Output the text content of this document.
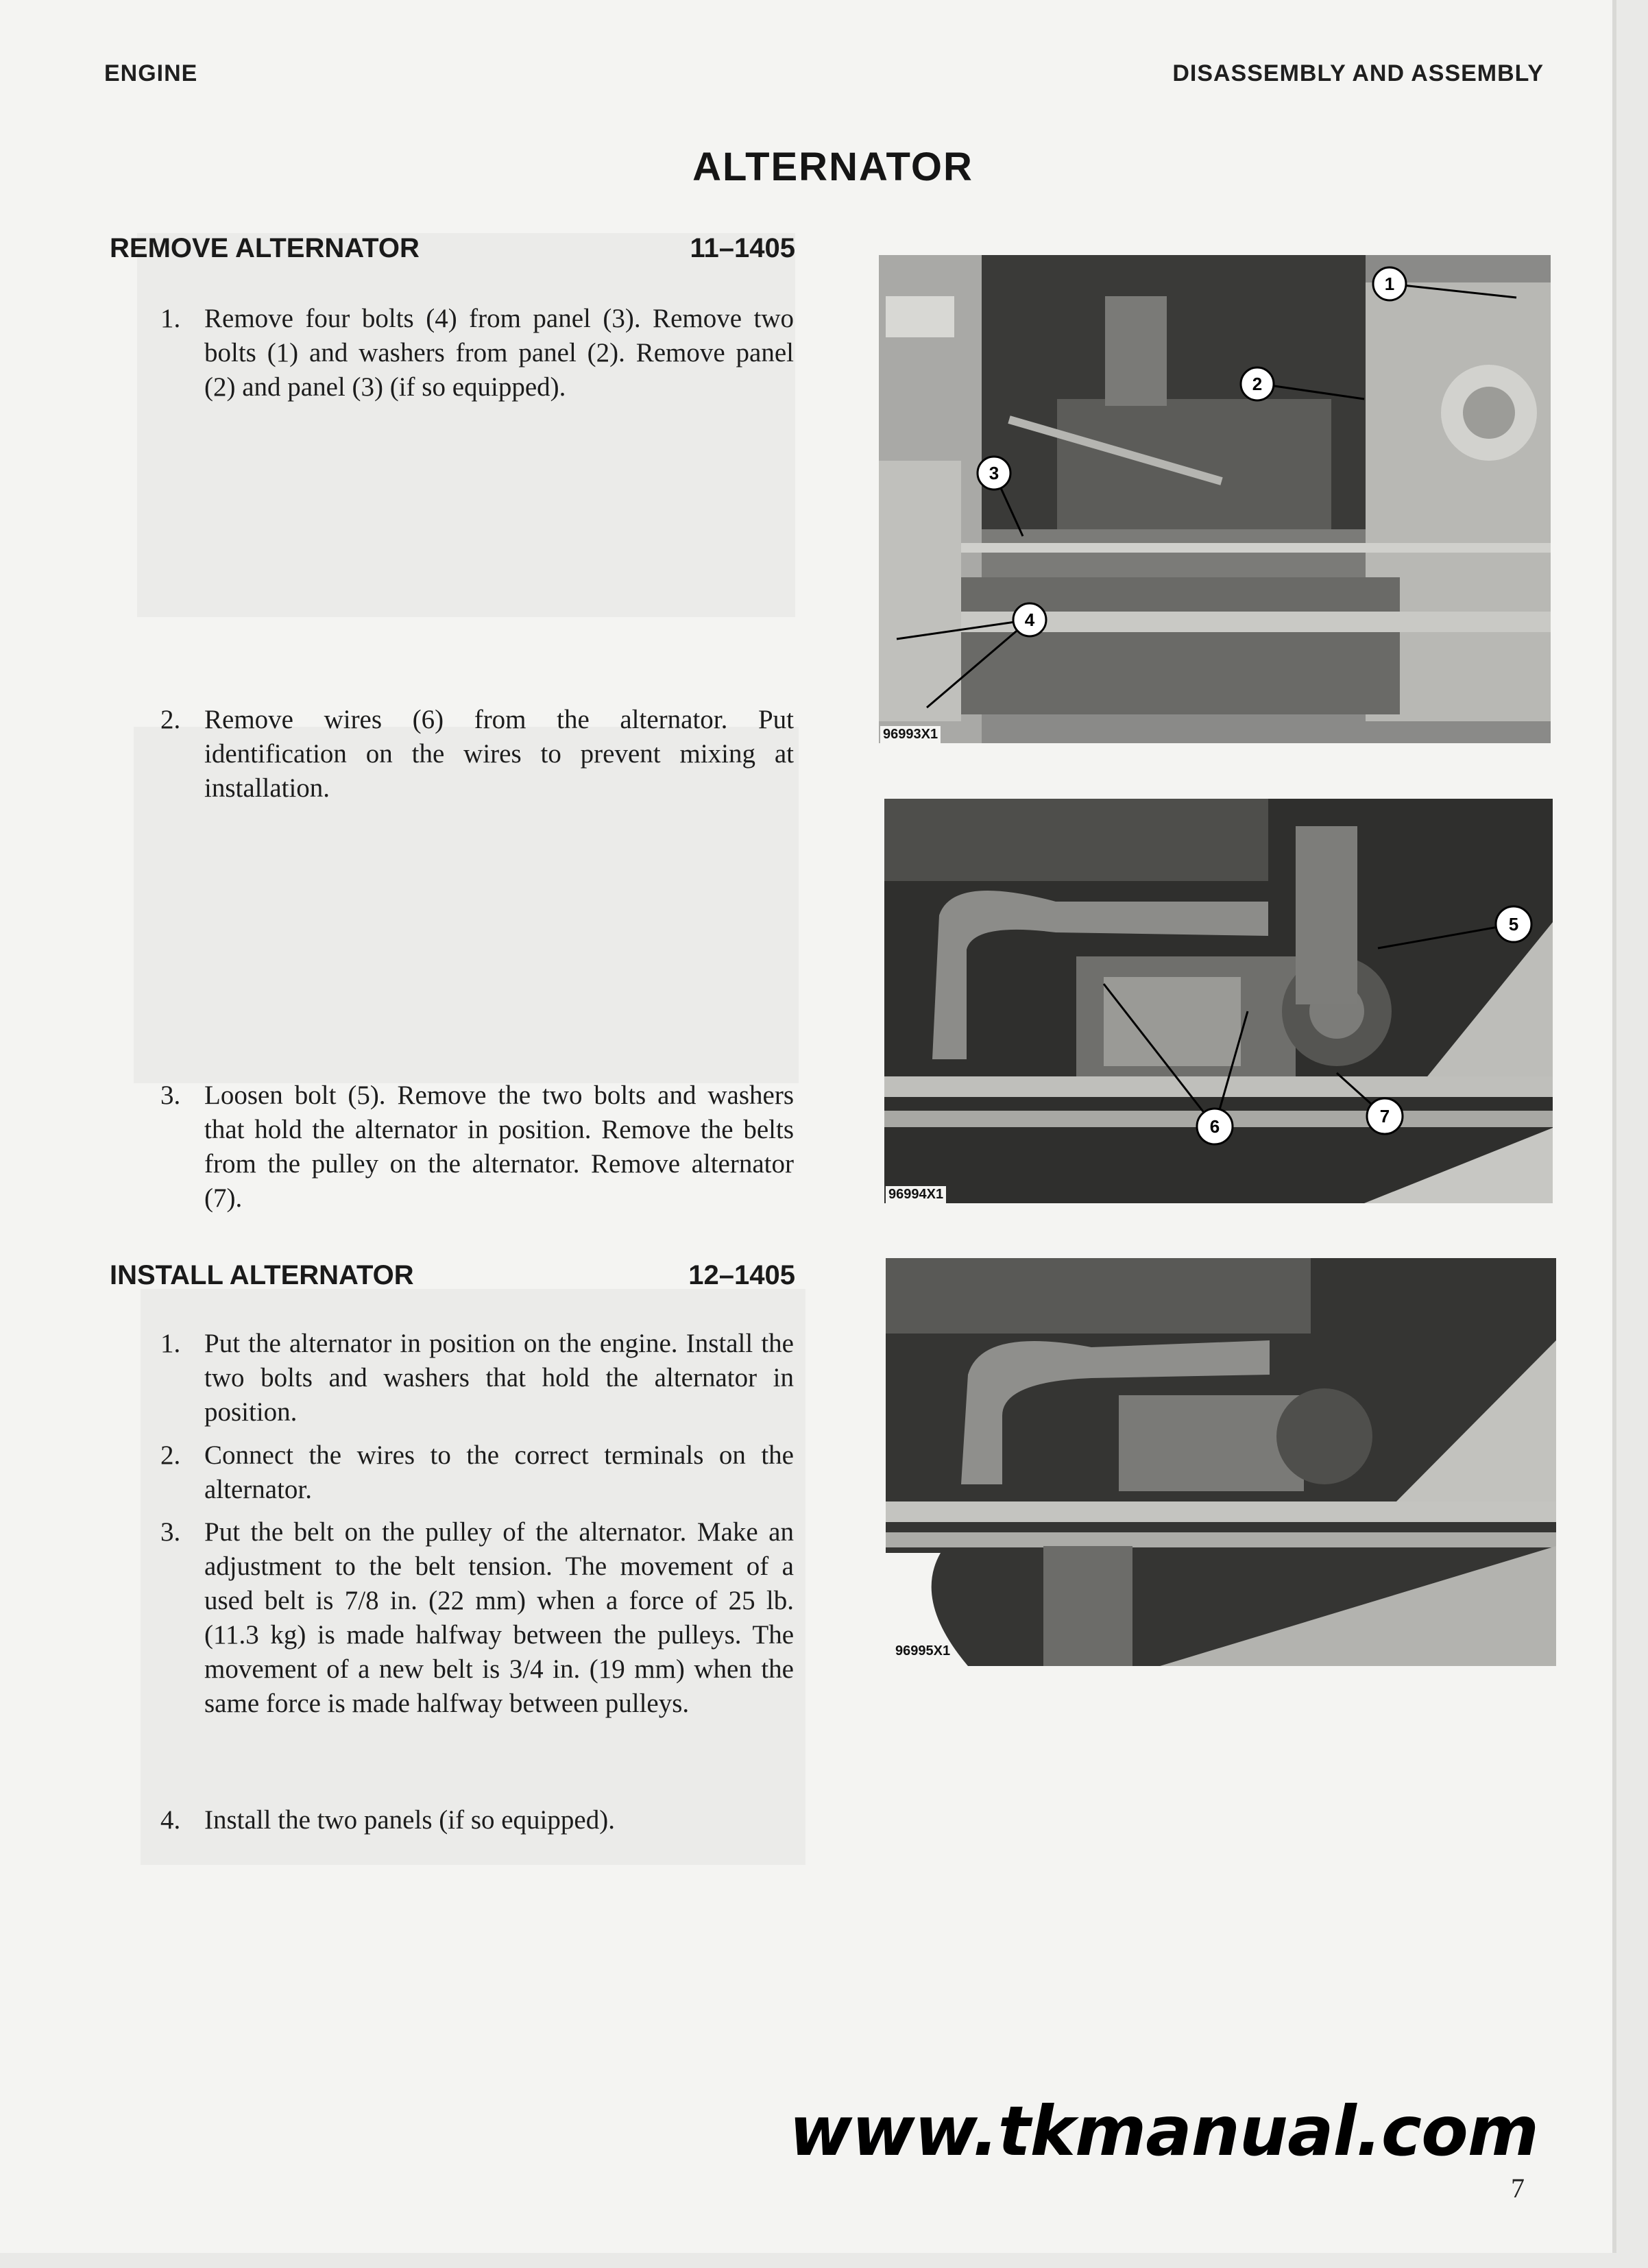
ENGINE	DISASSEMBLY AND ASSEMBLY
ALTERNATOR
REMOVE ALTERNATOR	11–1405
1. Remove four bolts (4) from panel (3). Remove two bolts (1) and washers from panel (2). Remove panel (2) and panel (3) (if so equipped).
2. Remove wires (6) from the alternator. Put identification on the wires to prevent mixing at installation.
3. Loosen bolt (5). Remove the two bolts and washers that hold the alternator in position. Remove the belts from the pulley on the alternator. Remove alternator (7).
INSTALL ALTERNATOR	12–1405
1. Put the alternator in position on the engine. Install the two bolts and washers that hold the alternator in position.
2. Connect the wires to the correct terminals on the alternator.
3. Put the belt on the pulley of the alternator. Make an adjustment to the belt tension. The movement of a used belt is 7/8 in. (22 mm) when a force of 25 lb. (11.3 kg) is made halfway between the pulleys. The movement of a new belt is 3/4 in. (19 mm) when the same force is made halfway between pulleys.
4. Install the two panels (if so equipped).
1
2
3
4
96993X1
5
6	7
96994X1
96995X1
www.tkmanual.com
7
